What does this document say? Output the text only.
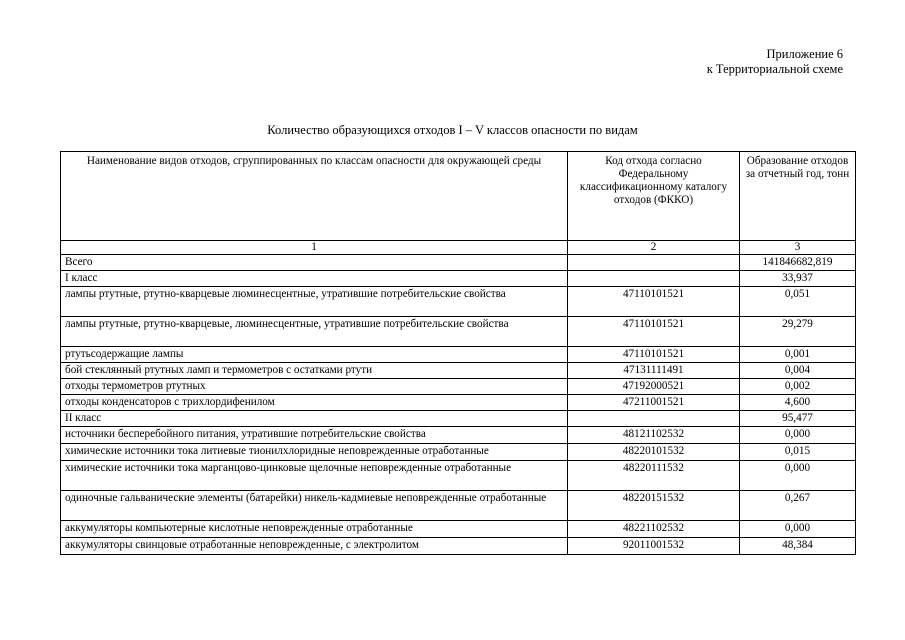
Приложение 6
к Территориальной схеме
Количество образующихся отходов I – V классов опасности по видам
Наименование видов отходов, сгруппированных по классам опасности для окружающей среды	Код отхода согласно Федеральному классификационному каталогу отходов (ФККО)	Образование отходов за отчетный год, тонн
1	2	3
Всего		141846682,819
I класс		33,937
лампы ртутные, ртутно-кварцевые люминесцентные, утратившие потребительские свойства	47110101521	0,051
лампы ртутные, ртутно-кварцевые, люминесцентные, утратившие потребительские свойства	47110101521	29,279
ртутьсодержащие лампы	47110101521	0,001
бой стеклянный ртутных ламп и термометров с остатками ртути	47131111491	0,004
отходы термометров ртутных	47192000521	0,002
отходы конденсаторов с трихлордифенилом	47211001521	4,600
II класс		95,477
источники бесперебойного питания, утратившие потребительские свойства	48121102532	0,000
химические источники тока литиевые тионилхлоридные неповрежденные отработанные	48220101532	0,015
химические источники тока марганцово-цинковые щелочные неповрежденные отработанные	48220111532	0,000
одиночные гальванические элементы (батарейки) никель-кадмиевые неповрежденные отработанные	48220151532	0,267
аккумуляторы компьютерные кислотные неповрежденные отработанные	48221102532	0,000
аккумуляторы свинцовые отработанные неповрежденные, с электролитом	92011001532	48,384
